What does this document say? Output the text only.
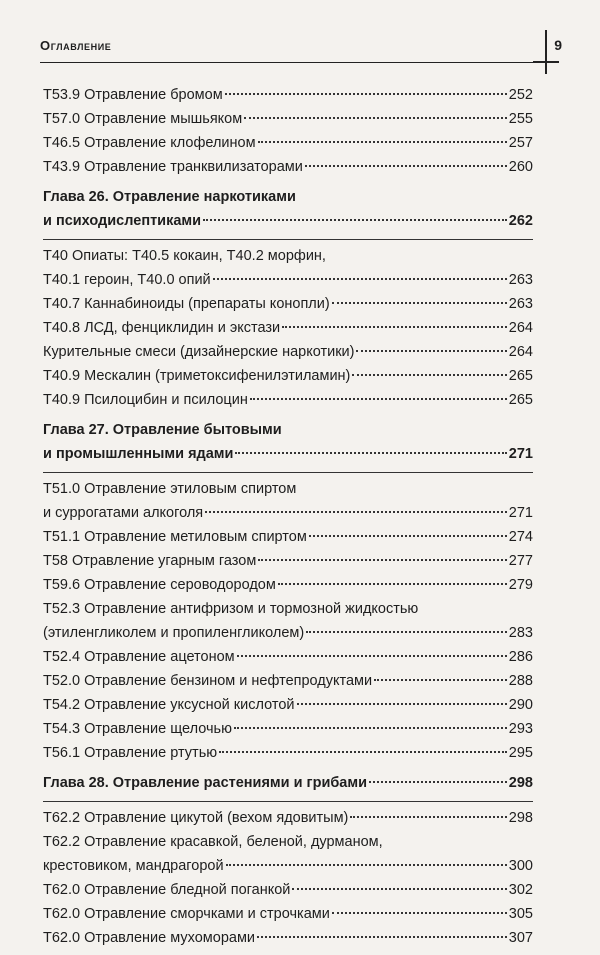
Оглавление	9
T53.9 Отравление бромом	252
T57.0 Отравление мышьяком	255
T46.5 Отравление клофелином	257
T43.9 Отравление транквилизаторами	260
Глава 26. Отравление наркотиками
и психодислептиками	262
T40 Опиаты: T40.5 кокаин, T40.2 морфин,
T40.1 героин, T40.0 опий	263
T40.7 Каннабиноиды (препараты конопли)	263
T40.8 ЛСД, фенциклидин и экстази	264
Курительные смеси (дизайнерские наркотики)	264
T40.9 Мескалин (триметоксифенилэтиламин)	265
T40.9 Псилоцибин и псилоцин	265
Глава 27. Отравление бытовыми
и промышленными ядами	271
T51.0 Отравление этиловым спиртом
и суррогатами алкоголя	271
T51.1 Отравление метиловым спиртом	274
T58 Отравление угарным газом	277
T59.6 Отравление сероводородом	279
T52.3 Отравление антифризом и тормозной жидкостью
(этиленгликолем и пропиленгликолем)	283
T52.4 Отравление ацетоном	286
T52.0 Отравление бензином и нефтепродуктами	288
T54.2 Отравление уксусной кислотой	290
T54.3 Отравление щелочью	293
T56.1 Отравление ртутью	295
Глава 28. Отравление растениями и грибами	298
T62.2 Отравление цикутой (вехом ядовитым)	298
T62.2 Отравление красавкой, беленой, дурманом,
крестовиком, мандрагорой	300
T62.0 Отравление бледной поганкой	302
T62.0 Отравление сморчками и строчками	305
T62.0 Отравление мухоморами	307
